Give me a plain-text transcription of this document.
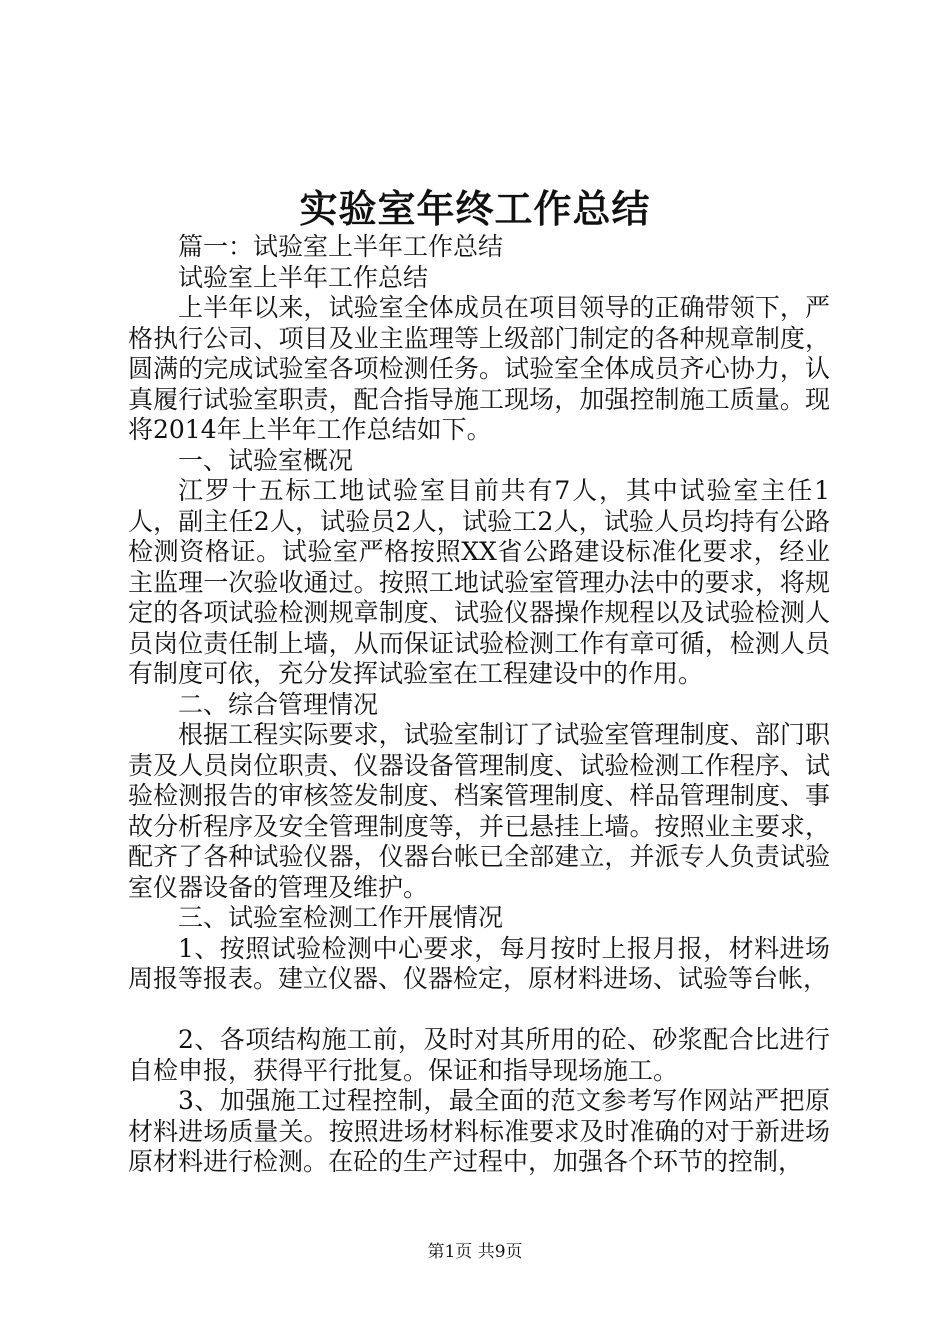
实验室年终工作总结

篇一：试验室上半年工作总结

试验室上半年工作总结

上半年以来，试验室全体成员在项目领导的正确带领下，严格执行公司、项目及业主监理等上级部门制定的各种规章制度，圆满的完成试验室各项检测任务。试验室全体成员齐心协力，认真履行试验室职责，配合指导施工现场，加强控制施工质量。现将2014年上半年工作总结如下。

一、试验室概况

江罗十五标工地试验室目前共有7人，其中试验室主任1人，副主任2人，试验员2人，试验工2人，试验人员均持有公路检测资格证。试验室严格按照XX省公路建设标准化要求，经业主监理一次验收通过。按照工地试验室管理办法中的要求，将规定的各项试验检测规章制度、试验仪器操作规程以及试验检测人员岗位责任制上墙，从而保证试验检测工作有章可循，检测人员有制度可依，充分发挥试验室在工程建设中的作用。

二、综合管理情况

根据工程实际要求，试验室制订了试验室管理制度、部门职责及人员岗位职责、仪器设备管理制度、试验检测工作程序、试验检测报告的审核签发制度、档案管理制度、样品管理制度、事故分析程序及安全管理制度等，并已悬挂上墙。按照业主要求，配齐了各种试验仪器，仪器台帐已全部建立，并派专人负责试验室仪器设备的管理及维护。

三、试验室检测工作开展情况

1、按照试验检测中心要求，每月按时上报月报，材料进场周报等报表。建立仪器、仪器检定，原材料进场、试验等台帐，

2、各项结构施工前，及时对其所用的砼、砂浆配合比进行自检申报，获得平行批复。保证和指导现场施工。

3、加强施工过程控制，最全面的范文参考写作网站严把原材料进场质量关。按照进场材料标准要求及时准确的对于新进场原材料进行检测。在砼的生产过程中，加强各个环节的控制，

第1页 共9页
